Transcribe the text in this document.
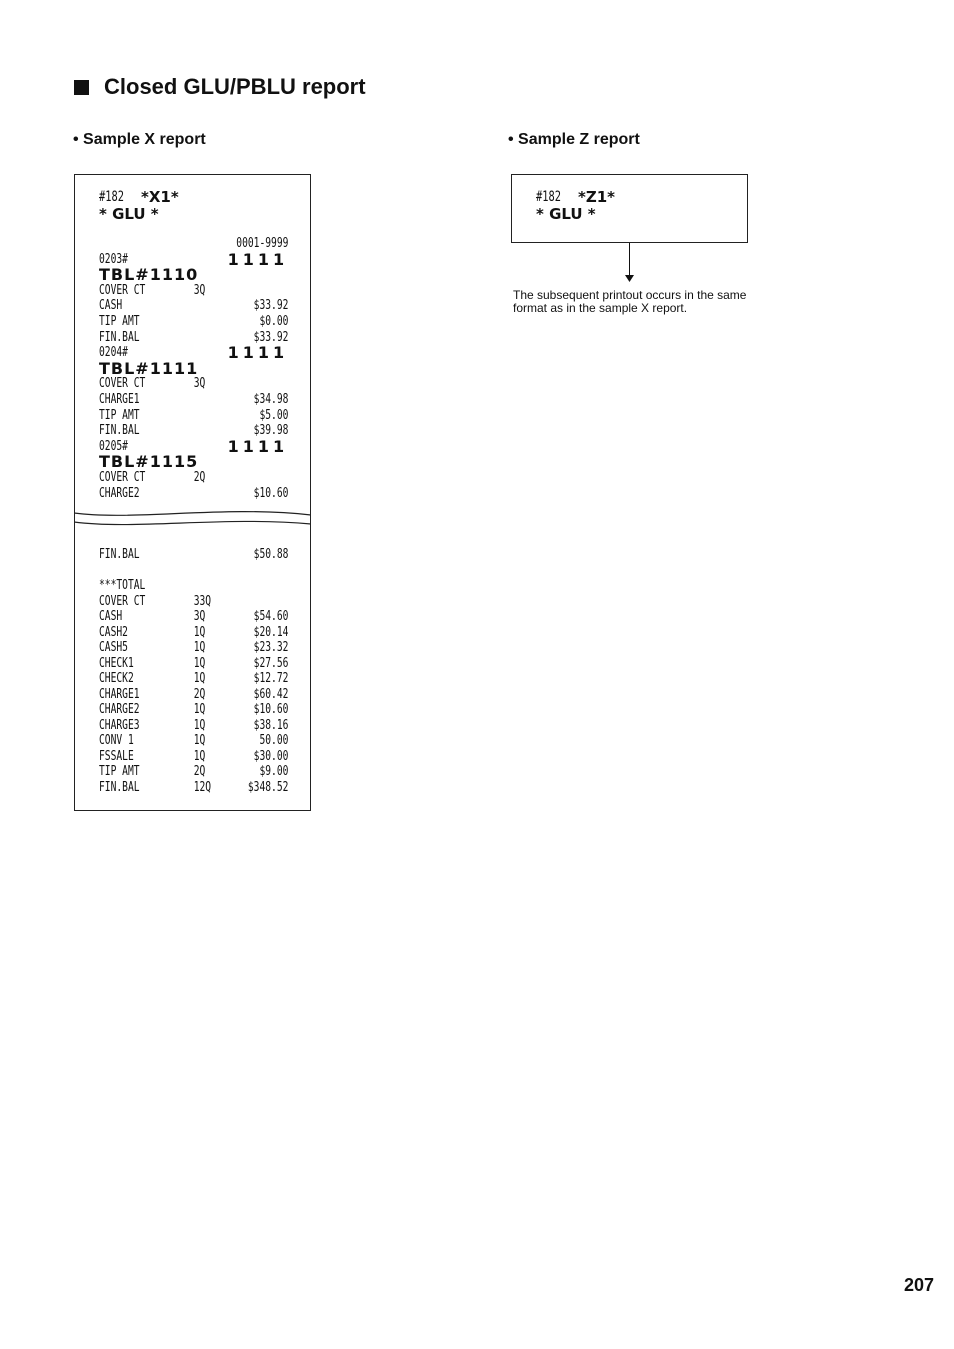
Closed GLU/PBLU report
• Sample X report	• Sample Z report
#182 *X1*
* GLU *
0001-9999
0203#	1111
TBL#1110
COVER CT	3Q
CASH	$33.92
TIP AMT	$0.00
FIN.BAL	$33.92
0204#	1111
TBL#1111
COVER CT	3Q
CHARGE1	$34.98
TIP AMT	$5.00
FIN.BAL	$39.98
0205#	1111
TBL#1115
COVER CT	2Q
CHARGE2	$10.60
FIN.BAL	$50.88
***TOTAL
COVER CT	33Q
CASH	3Q	$54.60
CASH2	1Q	$20.14
CASH5	1Q	$23.32
CHECK1	1Q	$27.56
CHECK2	1Q	$12.72
CHARGE1	2Q	$60.42
CHARGE2	1Q	$10.60
CHARGE3	1Q	$38.16
CONV 1	1Q	50.00
FSSALE	1Q	$30.00
TIP AMT	2Q	$9.00
FIN.BAL	12Q	$348.52
#182 *Z1*
* GLU *
The subsequent printout occurs in the same format as in the sample X report.
207
